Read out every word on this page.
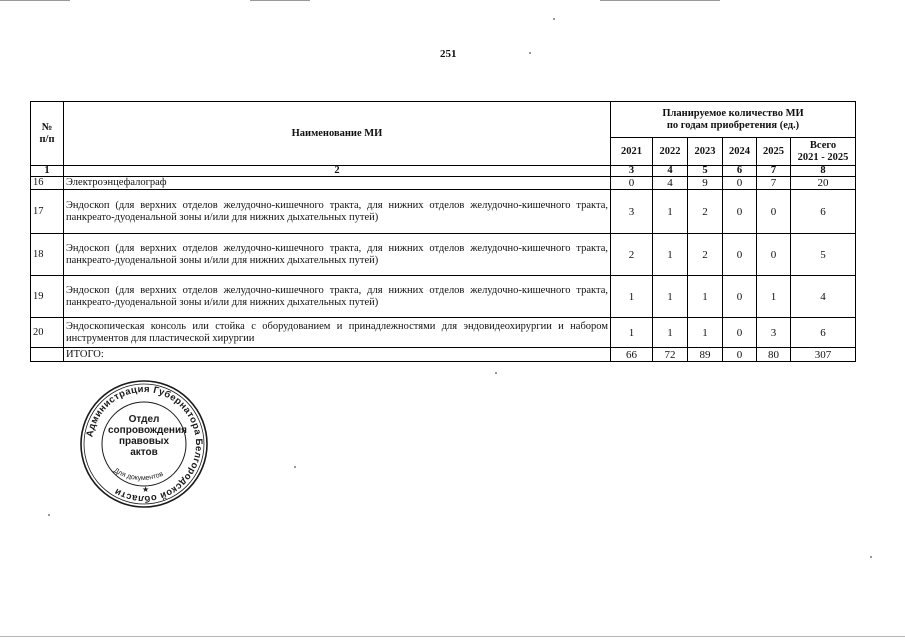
251
№
п/п	Наименование МИ	Планируемое количество МИ
по годам приобретения (ед.)					
		2021	2022	2023	2024	2025	Всего
2021 - 2025
1	2	3	4	5	6	7	8
16	Электроэнцефалограф	0	4	9	0	7	20
17	Эндоскоп (для верхних отделов желудочно-кишечного тракта, для нижних отделов желудочно-кишечного тракта, панкреато-дуоденальной зоны и/или для нижних дыхательных путей)	3	1	2	0	0	6
18	Эндоскоп (для верхних отделов желудочно-кишечного тракта, для нижних отделов желудочно-кишечного тракта, панкреато-дуоденальной зоны и/или для нижних дыхательных путей)	2	1	2	0	0	5
19	Эндоскоп (для верхних отделов желудочно-кишечного тракта, для нижних отделов желудочно-кишечного тракта, панкреато-дуоденальной зоны и/или для нижних дыхательных путей)	1	1	1	0	1	4
20	Эндоскопическая консоль или стойка с оборудованием и принадлежностями для эндовидеохирургии и набором инструментов для пластической хирургии	1	1	1	0	3	6
	ИТОГО:	66	72	89	0	80	307
Администрация Губернатора Белгородской области
Для документов
★
Отдел
сопровождения
правовых
актов
